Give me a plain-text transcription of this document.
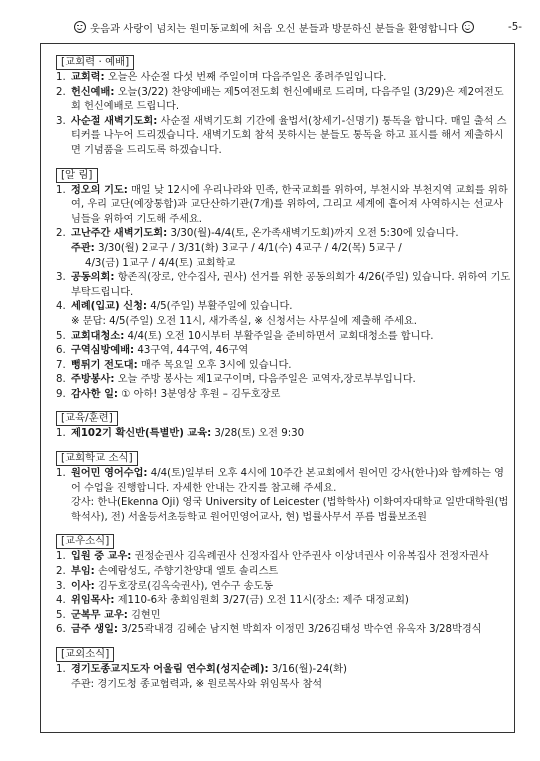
웃음과 사랑이 넘치는 원미동교회에 처음 오신 분들과 방문하신 분들을 환영합니다	-5-
[교회력 · 예배]
1. 교회력: 오늘은 사순절 다섯 번째 주일이며 다음주일은 종려주일입니다.
2. 헌신예배: 오늘(3/22) 찬양예배는 제5여전도회 헌신예배로 드리며, 다음주일 (3/29)은 제2여전도회 헌신예배로 드립니다.
3. 사순절 새벽기도회: 사순절 새벽기도회 기간에 율법서(창세기-신명기) 통독을 합니다. 매일 출석 스티커를 나누어 드리겠습니다. 새벽기도회 참석 못하시는 분들도 통독을 하고 표시를 해서 제출하시면 기념품을 드리도록 하겠습니다.
[알 림]
1. 정오의 기도: 매일 낮 12시에 우리나라와 민족, 한국교회를 위하여, 부천시와 부천지역 교회를 위하여, 우리 교단(예장통합)과 교단산하기관(7개)를 위하여, 그리고 세계에 흩어져 사역하시는 선교사님들을 위하여 기도해 주세요.
2. 고난주간 새벽기도회: 3/30(월)-4/4(토, 온가족새벽기도회)까지 오전 5:30에 있습니다.
주관: 3/30(월) 2교구 / 3/31(화) 3교구 / 4/1(수) 4교구 / 4/2(목) 5교구 /
4/3(금) 1교구 / 4/4(토) 교회학교
3. 공동의회: 항존직(장로, 안수집사, 권사) 선거를 위한 공동의회가 4/26(주일) 있습니다. 위하여 기도 부탁드립니다.
4. 세례(입교) 신청: 4/5(주일) 부활주일에 있습니다.
※ 문답: 4/5(주일) 오전 11시, 새가족실, ※ 신청서는 사무실에 제출해 주세요.
5. 교회대청소: 4/4(토) 오전 10시부터 부활주일을 준비하면서 교회대청소를 합니다.
6. 구역심방예배: 43구역, 44구역, 46구역
7. 뻥튀기 전도대: 매주 목요일 오후 3시에 있습니다.
8. 주방봉사: 오늘 주방 봉사는 제1교구이며, 다음주일은 교역자,장로부부입니다.
9. 감사한 일: ① 아하! 3분영상 후원 – 김두호장로
[교육/훈련]
1. 제102기 확신반(특별반) 교육: 3/28(토) 오전 9:30
[교회학교 소식]
1. 원어민 영어수업: 4/4(토)일부터 오후 4시에 10주간 본교회에서 원어민 강사(한나)와 함께하는 영어 수업을 진행합니다. 자세한 안내는 간지를 참고해 주세요.
강사: 한나(Ekenna Oji) 영국 University of Leicester (법학학사) 이화여자대학교 일반대학원(법학석사), 전) 서울등서초등학교 원어민영어교사, 현) 법률사무서 푸름 법률보조원
[교우소식]
1. 입원 중 교우: 권정순권사 김옥례권사 신정자집사 안주권사 이상녀권사 이유복집사 전정자권사
2. 부임: 손예람성도, 주향기찬양대 엘토 솔리스트
3. 이사: 김두호장로(김옥숙권사), 연수구 송도동
4. 위임목사: 제110-6차 총회임원회 3/27(금) 오전 11시(장소: 제주 대정교회)
5. 군복무 교우: 김현민
6. 금주 생일: 3/25곽내경 김혜순 남지현 박희자 이정민 3/26김태성 박수연 유옥자 3/28박경식
[교외소식]
1. 경기도종교지도자 어울림 연수회(성지순례): 3/16(월)-24(화)
주관: 경기도청 종교협력과, ※ 원로목사와 위임목사 참석
